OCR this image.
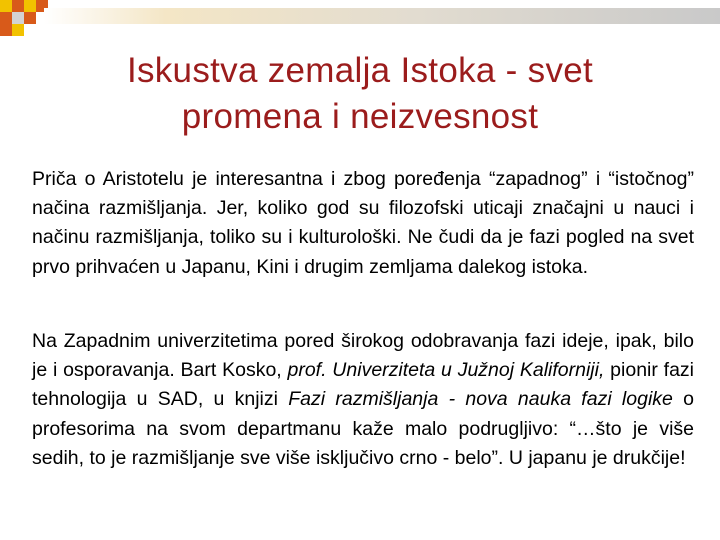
Iskustva zemalja Istoka - svet
promena i neizvesnost

Priča o Aristotelu je interesantna i zbog poređenja “zapadnog” i “istočnog” načina razmišljanja. Jer, koliko god su filozofski uticaji značajni u nauci i načinu razmišljanja, toliko su i kulturološki. Ne čudi da je fazi pogled na svet prvo prihvaćen u Japanu, Kini i drugim zemljama dalekog istoka.

Na Zapadnim univerzitetima pored širokog odobravanja fazi ideje, ipak, bilo je i osporavanja. Bart Kosko, prof. Univerziteta u Južnoj Kaliforniji, pionir fazi tehnologija u SAD, u knjizi Fazi razmišljanja - nova nauka fazi logike o profesorima na svom departmanu kaže malo podrugljivo: “…što je više sedih, to je razmišljanje sve više isključivo crno - belo”. U japanu je drukčije!
